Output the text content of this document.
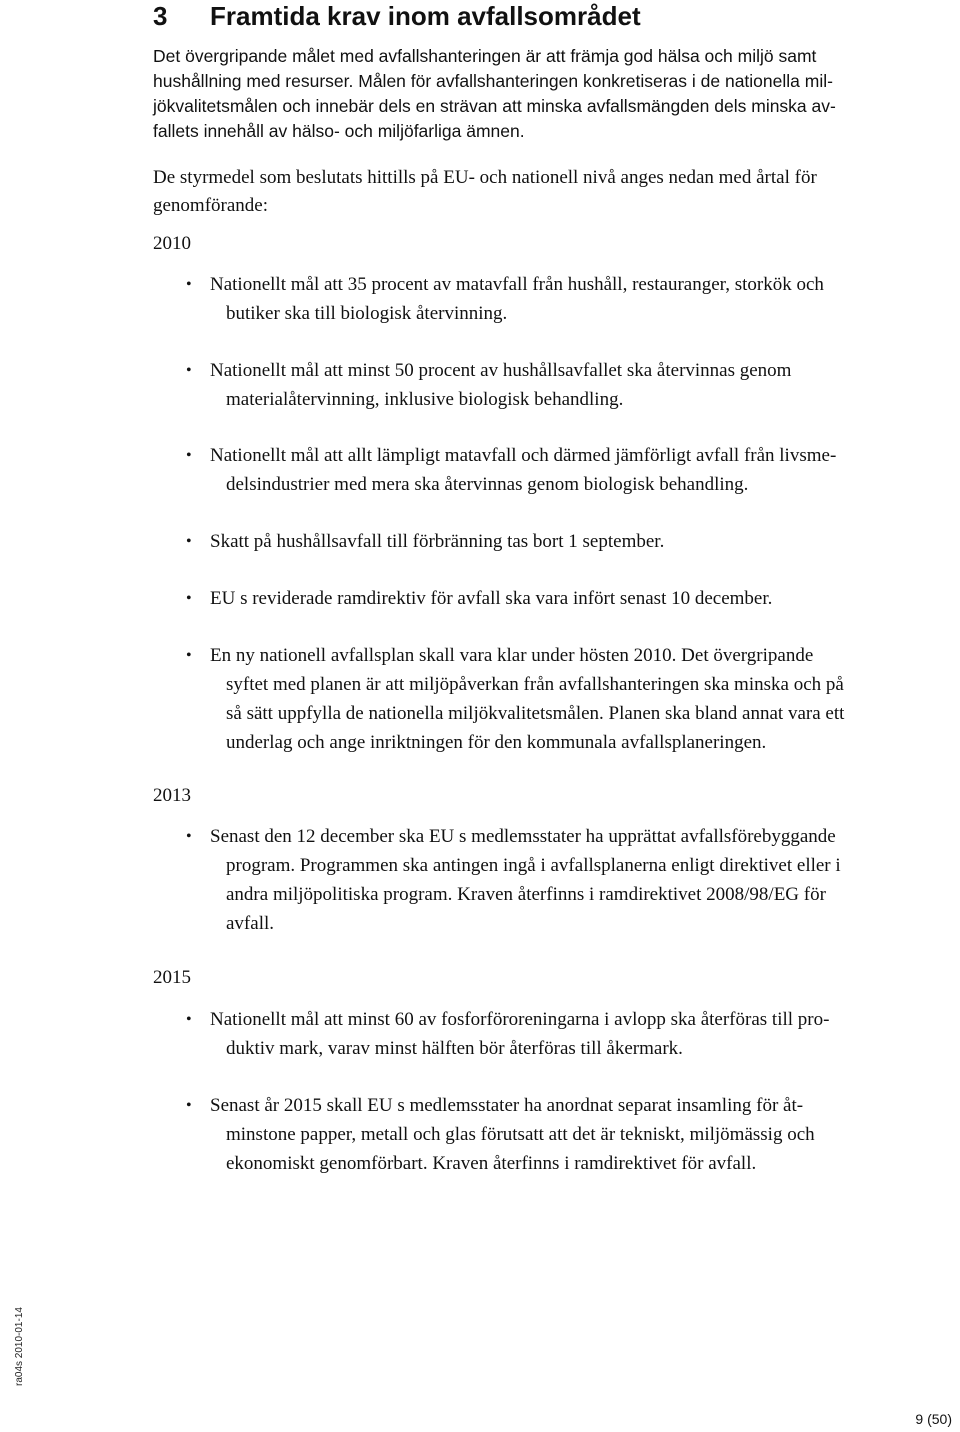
3 Framtida krav inom avfallsområdet
Det övergripande målet med avfallshanteringen är att främja god hälsa och miljö samt
hushållning med resurser. Målen för avfallshanteringen konkretiseras i de nationella mil-
jökvalitetsmålen och innebär dels en strävan att minska avfallsmängden dels minska av-
fallets innehåll av hälso- och miljöfarliga ämnen.
De styrmedel som beslutats hittills på EU- och nationell nivå anges nedan med årtal för
genomförande:
2010
• Nationellt mål att 35 procent av matavfall från hushåll, restauranger, storkök och
butiker ska till biologisk återvinning.
• Nationellt mål att minst 50 procent av hushållsavfallet ska återvinnas genom
materialåtervinning, inklusive biologisk behandling.
• Nationellt mål att allt lämpligt matavfall och därmed jämförligt avfall från livsme-
delsindustrier med mera ska återvinnas genom biologisk behandling.
• Skatt på hushållsavfall till förbränning tas bort 1 september.
• EU s reviderade ramdirektiv för avfall ska vara infört senast 10 december.
• En ny nationell avfallsplan skall vara klar under hösten 2010. Det övergripande
syftet med planen är att miljöpåverkan från avfallshanteringen ska minska och på
så sätt uppfylla de nationella miljökvalitetsmålen. Planen ska bland annat vara ett
underlag och ange inriktningen för den kommunala avfallsplaneringen.
2013
• Senast den 12 december ska EU s medlemsstater ha upprättat avfallsförebyggande
program. Programmen ska antingen ingå i avfallsplanerna enligt direktivet eller i
andra miljöpolitiska program. Kraven återfinns i ramdirektivet 2008/98/EG för
avfall.
2015
• Nationellt mål att minst 60 av fosforföroreningarna i avlopp ska återföras till pro-
duktiv mark, varav minst hälften bör återföras till åkermark.
• Senast år 2015 skall EU s medlemsstater ha anordnat separat insamling för åt-
minstone papper, metall och glas förutsatt att det är tekniskt, miljömässig och
ekonomiskt genomförbart. Kraven återfinns i ramdirektivet för avfall.
ra04s 2010-01-14
9 (50)
